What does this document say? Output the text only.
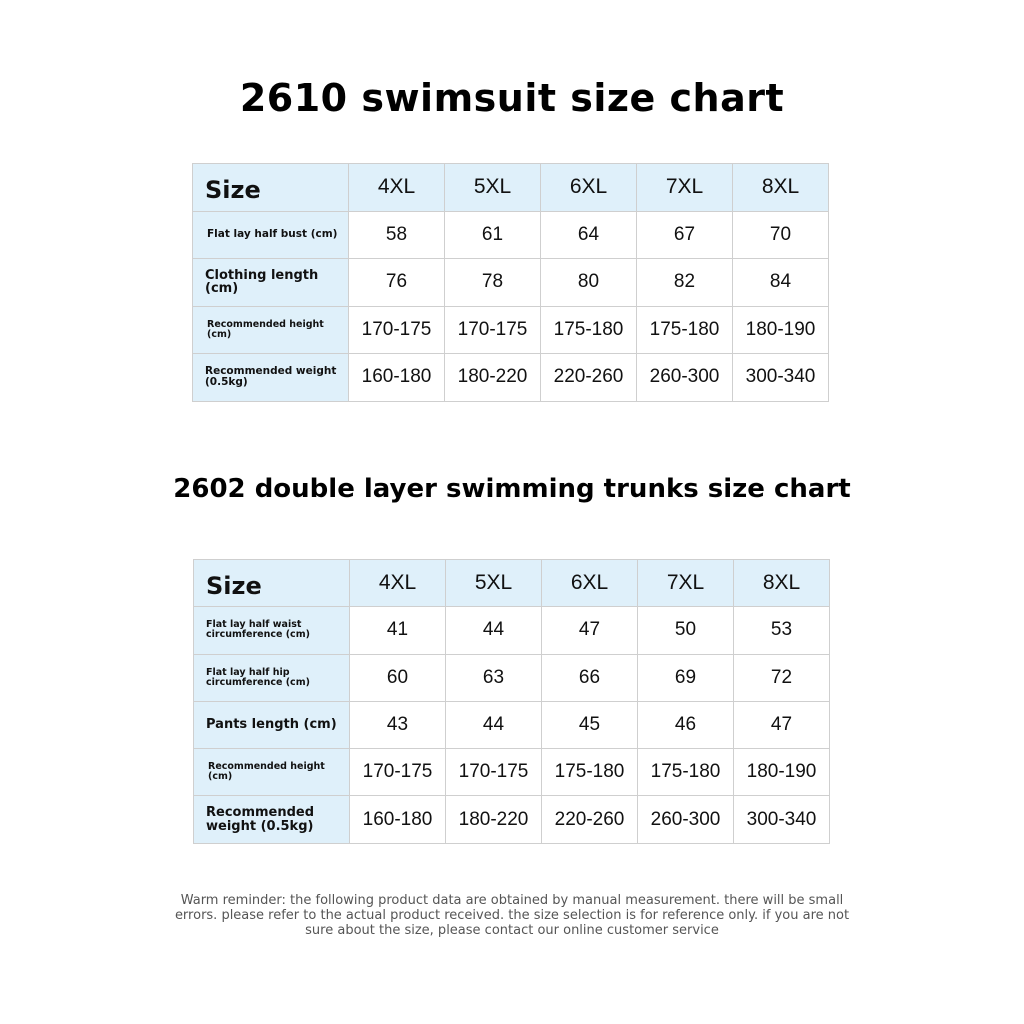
2610 swimsuit size chart
Size	4XL	5XL	6XL	7XL	8XL
Flat lay half bust (cm)	58	61	64	67	70
Clothing length (cm)	76	78	80	82	84
Recommended height (cm)	170-175	170-175	175-180	175-180	180-190
Recommended weight (0.5kg)	160-180	180-220	220-260	260-300	300-340
2602 double layer swimming trunks size chart
Size	4XL	5XL	6XL	7XL	8XL
Flat lay half waist circumference (cm)	41	44	47	50	53
Flat lay half hip circumference (cm)	60	63	66	69	72
Pants length (cm)	43	44	45	46	47
Recommended height (cm)	170-175	170-175	175-180	175-180	180-190
Recommended weight (0.5kg)	160-180	180-220	220-260	260-300	300-340
Warm reminder: the following product data are obtained by manual measurement. there will be small errors. please refer to the actual product received. the size selection is for reference only. if you are not sure about the size, please contact our online customer service
